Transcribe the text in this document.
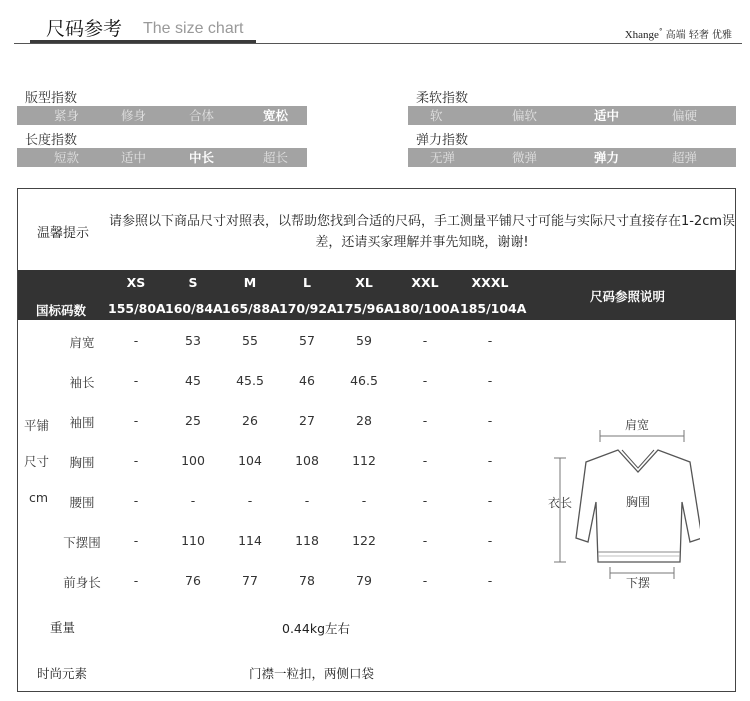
尺码参考 The size chart	Xhange° 高端 轻奢 优雅
版型指数
紧身	修身	合体	宽松
长度指数
短款	适中	中长	超长
柔软指数
软	偏软	适中	偏硬
弹力指数
无弹	微弹	弹力	超弹
温馨提示
请参照以下商品尺寸对照表，以帮助您找到合适的尺码，手工测量平铺尺寸可能与实际尺寸直接存在1-2cm误
差，还请买家理解并事先知晓，谢谢!
国标码数
尺码参照说明
XS	S	M	L	XL	XXL	XXXL
155/80A 160/84A 165/88A 170/92A 175/96A 180/100A 185/104A
肩宽	-	53	55	57	59	-	-
袖长	-	45	45.5	46	46.5	-	-
袖围	-	25	26	27	28	-	-
胸围	-	100	104	108	112	-	-
腰围	-	-	-	-	-	-	-
下摆围	-	110	114	118	122	-	-
前身长	-	76	77	78	79	-	-
平铺
尺寸
cm
重量	0.44kg左右
时尚元素	门襟一粒扣，两侧口袋
肩宽
衣长	胸围
下摆
